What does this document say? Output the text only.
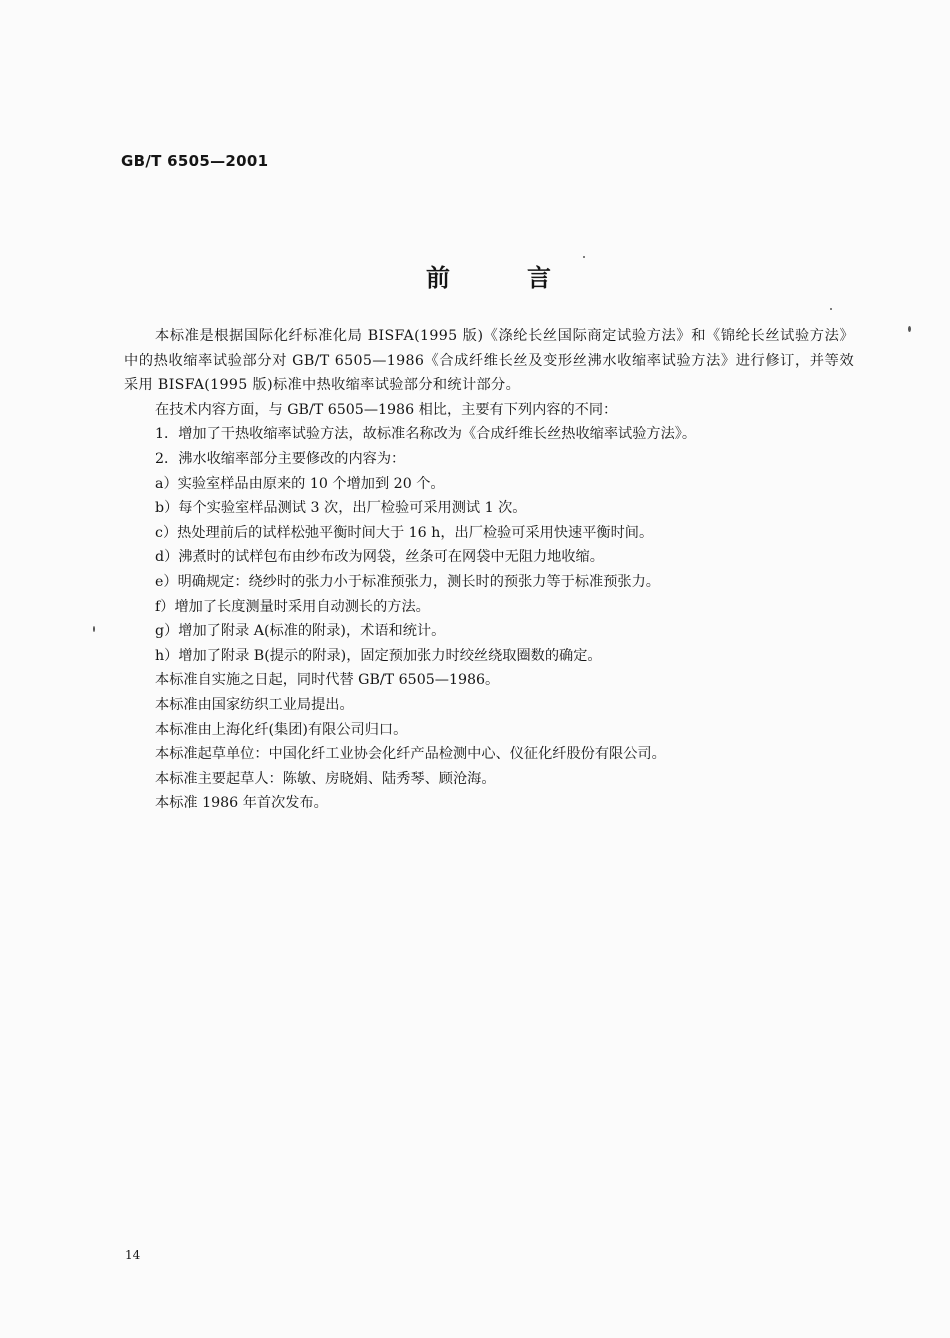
GB/T 6505—2001
前	言

本标准是根据国际化纤标准化局 BISFA(1995 版)《涤纶长丝国际商定试验方法》和《锦纶长丝试验方法》中的热收缩率试验部分对 GB/T 6505—1986《合成纤维长丝及变形丝沸水收缩率试验方法》进行修订，并等效采用 BISFA(1995 版)标准中热收缩率试验部分和统计部分。

在技术内容方面，与 GB/T 6505—1986 相比，主要有下列内容的不同：

1．增加了干热收缩率试验方法，故标准名称改为《合成纤维长丝热收缩率试验方法》。

2．沸水收缩率部分主要修改的内容为：

a）实验室样品由原来的 10 个增加到 20 个。

b）每个实验室样品测试 3 次，出厂检验可采用测试 1 次。

c）热处理前后的试样松弛平衡时间大于 16 h，出厂检验可采用快速平衡时间。

d）沸煮时的试样包布由纱布改为网袋，丝条可在网袋中无阻力地收缩。

e）明确规定：绕纱时的张力小于标准预张力，测长时的预张力等于标准预张力。

f）增加了长度测量时采用自动测长的方法。

g）增加了附录 A(标准的附录)，术语和统计。

h）增加了附录 B(提示的附录)，固定预加张力时绞丝绕取圈数的确定。

本标准自实施之日起，同时代替 GB/T 6505—1986。

本标准由国家纺织工业局提出。

本标准由上海化纤(集团)有限公司归口。

本标准起草单位：中国化纤工业协会化纤产品检测中心、仪征化纤股份有限公司。

本标准主要起草人：陈敏、房晓娟、陆秀琴、顾沧海。

本标准 1986 年首次发布。

14
